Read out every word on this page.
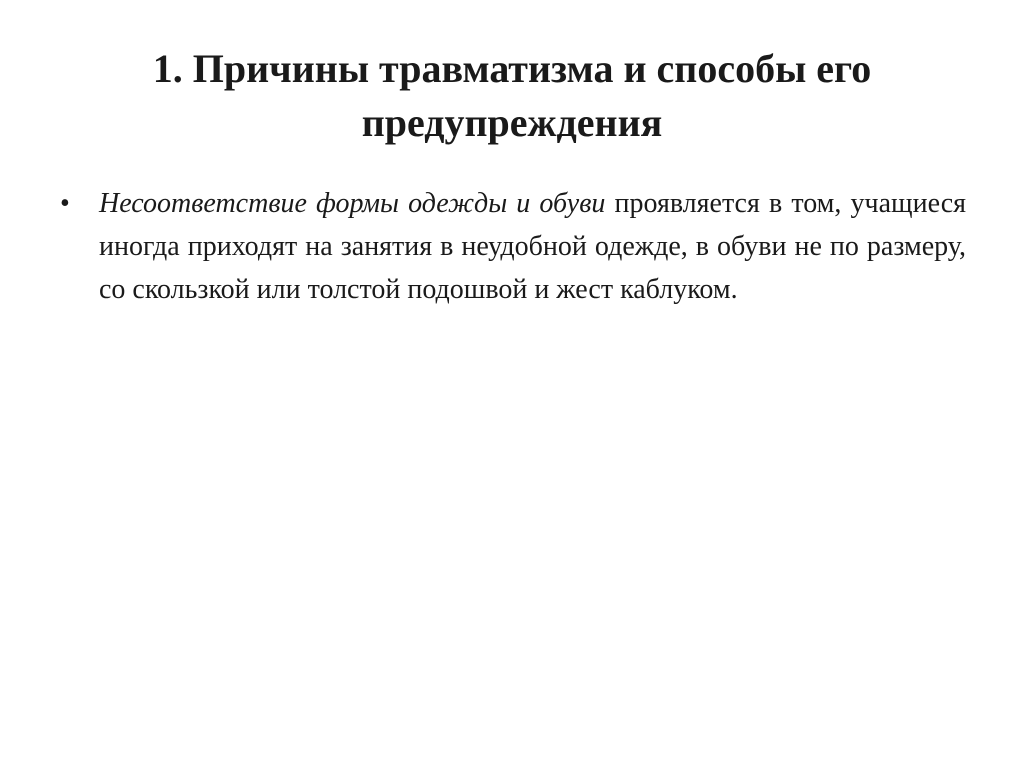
1. Причины травматизма и способы его
предупреждения
•	Несоответствие формы одежды и обуви проявляется в том, учащиеся иногда приходят на занятия в неудобной одежде, в обуви не по размеру, со скользкой или толстой подошвой и жест каблуком.
